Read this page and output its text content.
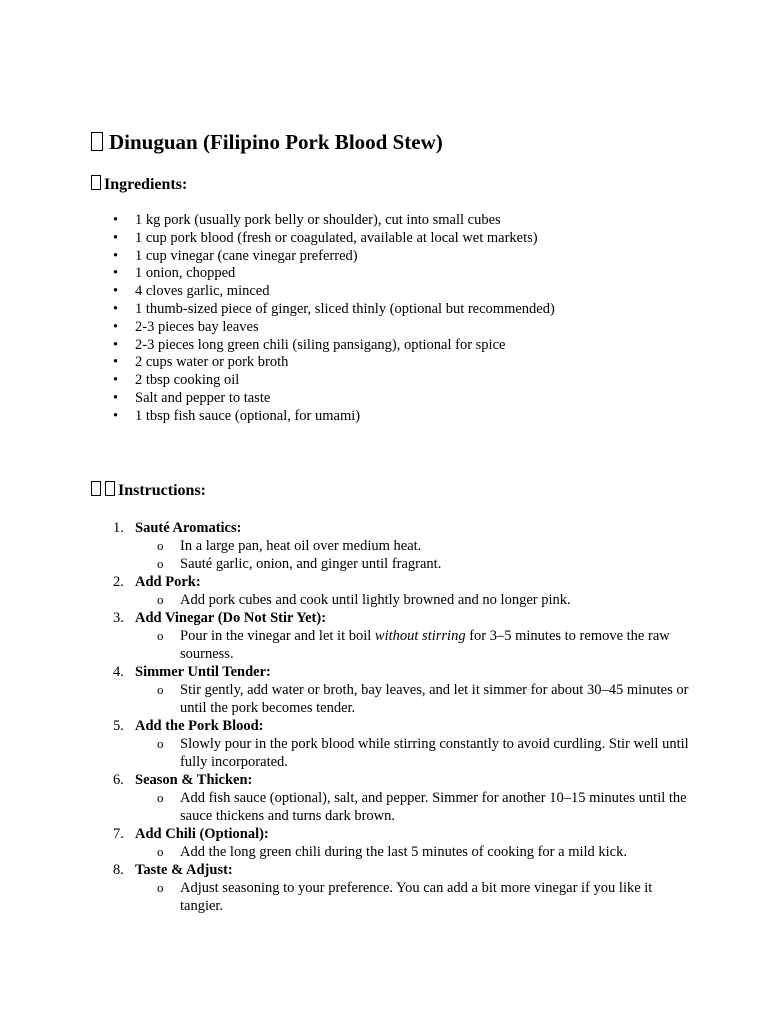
Dinuguan (Filipino Pork Blood Stew)
Ingredients:
• 1 kg pork (usually pork belly or shoulder), cut into small cubes
• 1 cup pork blood (fresh or coagulated, available at local wet markets)
• 1 cup vinegar (cane vinegar preferred)
• 1 onion, chopped
• 4 cloves garlic, minced
• 1 thumb-sized piece of ginger, sliced thinly (optional but recommended)
• 2-3 pieces bay leaves
• 2-3 pieces long green chili (siling pansigang), optional for spice
• 2 cups water or pork broth
• 2 tbsp cooking oil
• Salt and pepper to taste
• 1 tbsp fish sauce (optional, for umami)
Instructions:
1. Sauté Aromatics:
o In a large pan, heat oil over medium heat.
o Sauté garlic, onion, and ginger until fragrant.
2. Add Pork:
o Add pork cubes and cook until lightly browned and no longer pink.
3. Add Vinegar (Do Not Stir Yet):
o Pour in the vinegar and let it boil without stirring for 3–5 minutes to remove the raw sourness.
4. Simmer Until Tender:
o Stir gently, add water or broth, bay leaves, and let it simmer for about 30–45 minutes or until the pork becomes tender.
5. Add the Pork Blood:
o Slowly pour in the pork blood while stirring constantly to avoid curdling. Stir well until fully incorporated.
6. Season & Thicken:
o Add fish sauce (optional), salt, and pepper. Simmer for another 10–15 minutes until the sauce thickens and turns dark brown.
7. Add Chili (Optional):
o Add the long green chili during the last 5 minutes of cooking for a mild kick.
8. Taste & Adjust:
o Adjust seasoning to your preference. You can add a bit more vinegar if you like it tangier.
